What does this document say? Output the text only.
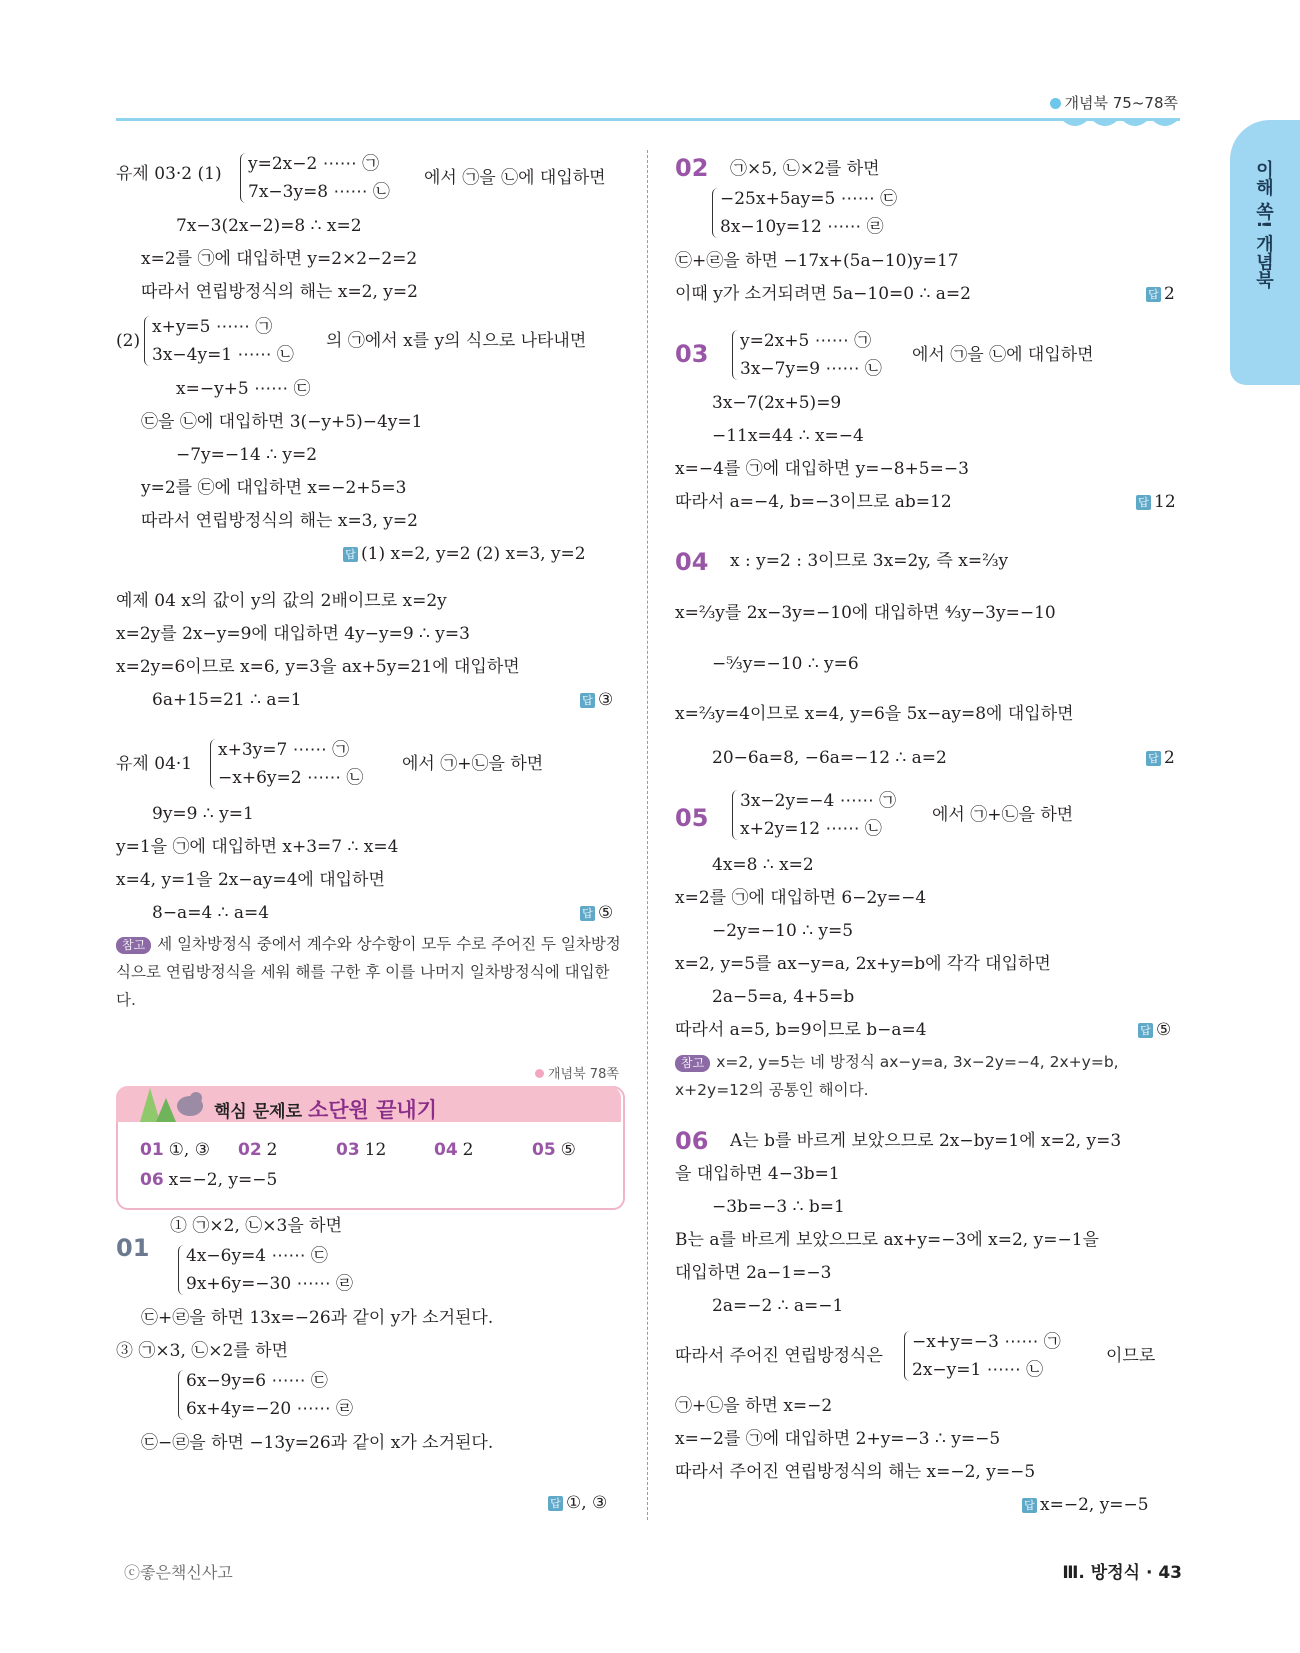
개념북 75~78쪽
이해 쏙! 개념북
유제 03·2 (1) y=2x−2 ⋯⋯ ㉠
7x−3y=8 ⋯⋯ ㉡
에서 ㉠을 ㉡에 대입하면
7x−3(2x−2)=8 ∴ x=2
x=2를 ㉠에 대입하면 y=2×2−2=2
따라서 연립방정식의 해는 x=2, y=2
(2)
x+y=5 ⋯⋯ ㉠
3x−4y=1 ⋯⋯ ㉡
의 ㉠에서 x를 y의 식으로 나타내면
x=−y+5 ⋯⋯ ㉢
㉢을 ㉡에 대입하면 3(−y+5)−4y=1
−7y=−14 ∴ y=2
y=2를 ㉢에 대입하면 x=−2+5=3
따라서 연립방정식의 해는 x=3, y=2
예제 04 x의 값이 y의 값의 2배이므로 x=2y
x=2y를 2x−y=9에 대입하면 4y−y=9 ∴ y=3
x=2y=6이므로 x=6, y=3을 ax+5y=21에 대입하면
6a+15=21 ∴ a=1
유제 04·1
x+3y=7 ⋯⋯ ㉠
−x+6y=2 ⋯⋯ ㉡
에서 ㉠+㉡을 하면
9y=9 ∴ y=1
y=1을 ㉠에 대입하면 x+3=7 ∴ x=4
x=4, y=1을 2x−ay=4에 대입하면
8−a=4 ∴ a=4
① ㉠×2, ㉡×3을 하면
4x−6y=4 ⋯⋯ ㉢
9x+6y=−30 ⋯⋯ ㉣
㉢+㉣을 하면 13x=−26과 같이 y가 소거된다.
③ ㉠×3, ㉡×2를 하면
6x−9y=6 ⋯⋯ ㉢
6x+4y=−20 ⋯⋯ ㉣
㉢−㉣을 하면 −13y=26과 같이 x가 소거된다.
㉠×5, ㉡×2를 하면
−25x+5ay=5 ⋯⋯ ㉢
8x−10y=12 ⋯⋯ ㉣
㉢+㉣을 하면 −17x+(5a−10)y=17
이때 y가 소거되려면 5a−10=0 ∴ a=2
y=2x+5 ⋯⋯ ㉠
3x−7y=9 ⋯⋯ ㉡
에서 ㉠을 ㉡에 대입하면
3x−7(2x+5)=9
−11x=44 ∴ x=−4
x=−4를 ㉠에 대입하면 y=−8+5=−3
따라서 a=−4, b=−3이므로 ab=12
x : y=2 : 3이므로 3x=2y, 즉 x=⅔y
x=⅔y를 2x−3y=−10에 대입하면 ⁴⁄₃y−3y=−10
−⁵⁄₃y=−10 ∴ y=6
x=⅔y=4이므로 x=4, y=6을 5x−ay=8에 대입하면
20−6a=8, −6a=−12 ∴ a=2
3x−2y=−4 ⋯⋯ ㉠
x+2y=12 ⋯⋯ ㉡
에서 ㉠+㉡을 하면
4x=8 ∴ x=2
x=2를 ㉠에 대입하면 6−2y=−4
−2y=−10 ∴ y=5
x=2, y=5를 ax−y=a, 2x+y=b에 각각 대입하면
2a−5=a, 4+5=b
따라서 a=5, b=9이므로 b−a=4
A는 b를 바르게 보았으므로 2x−by=1에 x=2, y=3
을 대입하면 4−3b=1
−3b=−3 ∴ b=1
B는 a를 바르게 보았으므로 ax+y=−3에 x=2, y=−1을
대입하면 2a−1=−3
2a=−2 ∴ a=−1
따라서 주어진 연립방정식은
−x+y=−3 ⋯⋯ ㉠
2x−y=1 ⋯⋯ ㉡
이므로
㉠+㉡을 하면 x=−2
x=−2를 ㉠에 대입하면 2+y=−3 ∴ y=−5
따라서 주어진 연립방정식의 해는 x=−2, y=−5
01
02
03
04
05
06
답 (1) x=2, y=2 (2) x=3, y=2
답 ③
답 ⑤
답 ①, ③
답 2
답 12
답 2
답 ⑤
답 x=−2, y=−5
참고 세 일차방정식 중에서 계수와 상수항이 모두 수로 주어진 두 일차방정식으로 연립방정식을 세워 해를 구한 후 이를 나머지 일차방정식에 대입한다.
참고 x=2, y=5는 네 방정식 ax−y=a, 3x−2y=−4, 2x+y=b, x+2y=12의 공통인 해이다.
개념북 78쪽
핵심 문제로 소단원 끝내기
01 ①, ③ 02 2	03 12	04 2	05 ⑤
06 x=−2, y=−5
ⓒ좋은책신사고	Ⅲ. 방정식 · 43
